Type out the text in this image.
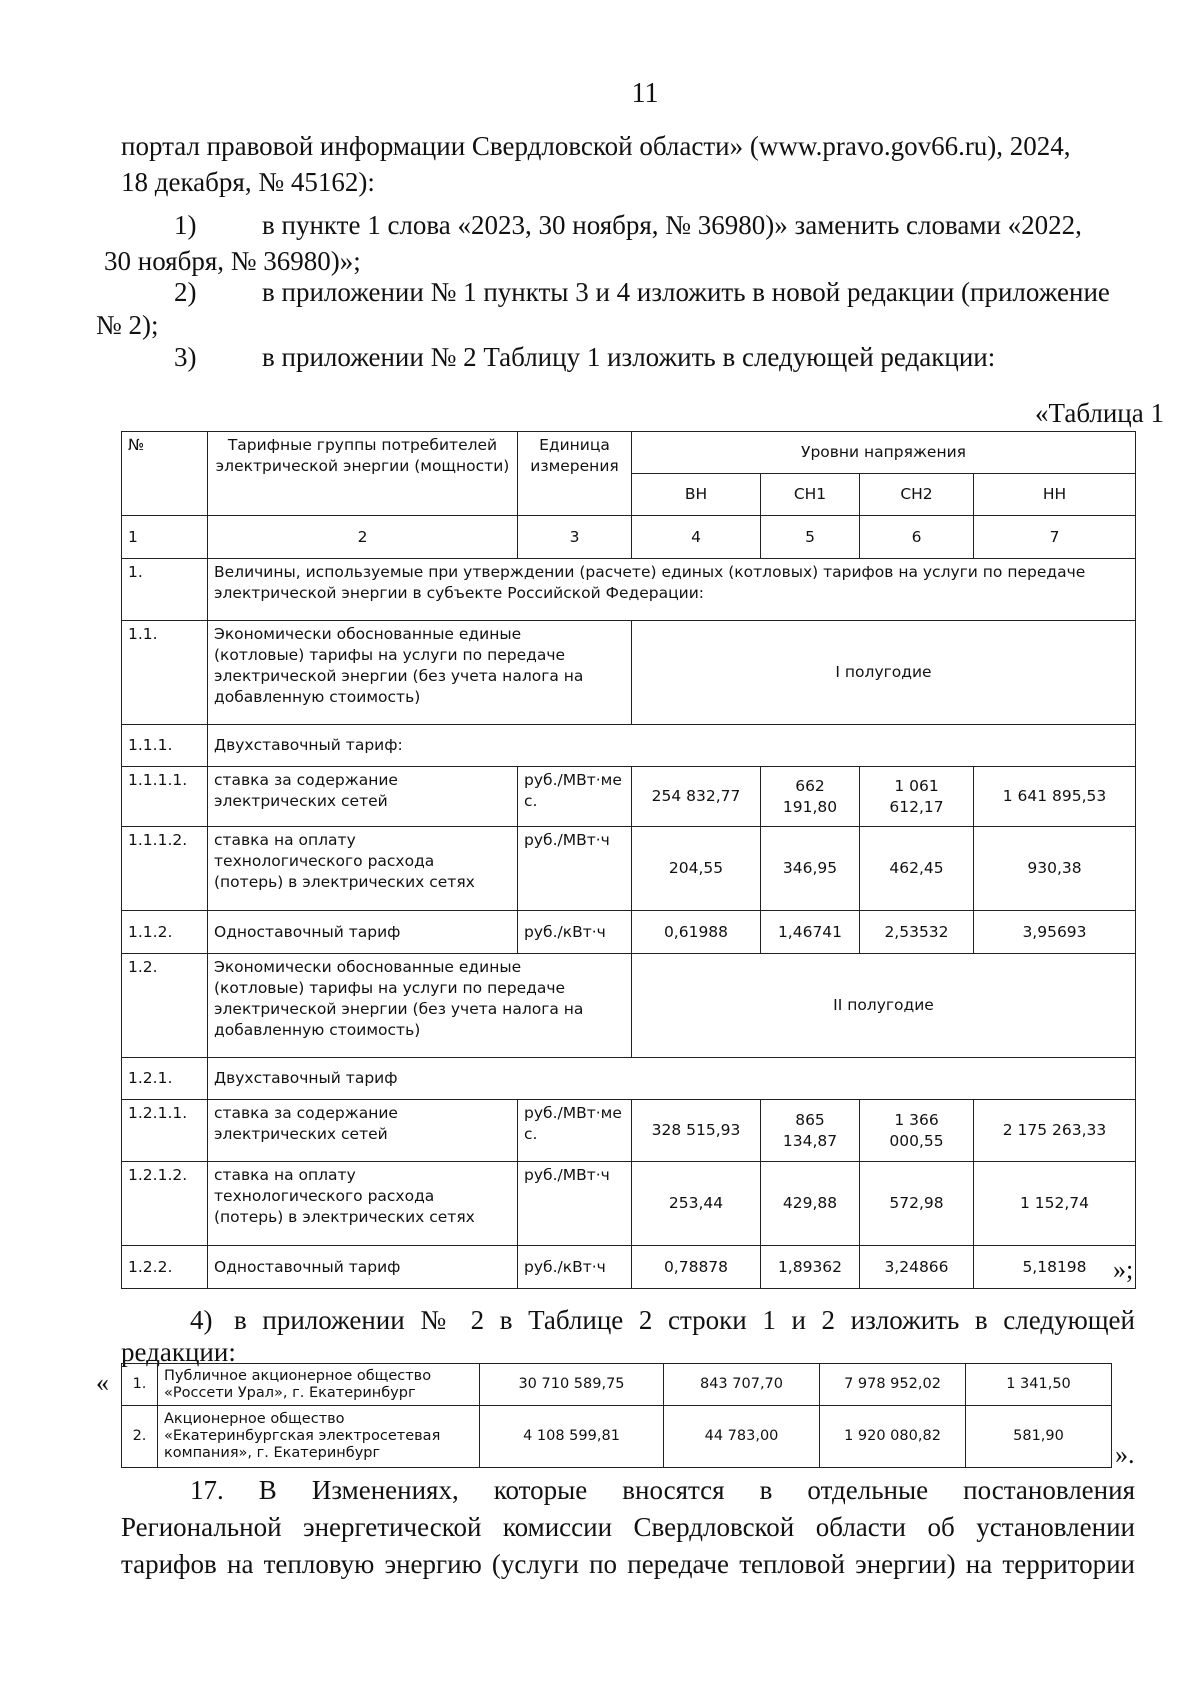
11
портал правовой информации Свердловской области» (www.pravo.gov66.ru), 2024,
18 декабря, № 45162):
1) в пункте 1 слова «2023, 30 ноября, № 36980)» заменить словами «2022,
30 ноября, № 36980)»;
2) в приложении № 1 пункты 3 и 4 изложить в новой редакции (приложение
№ 2);
3) в приложении № 2 Таблицу 1 изложить в следующей редакции:
«Таблица 1
№	Тарифные группы потребителей электрической энергии (мощности)	Единица измерения	Уровни напряжения			
			ВН	СН1	СН2	НН
1	2	3	4	5	6	7
1.	Величины, используемые при утверждении (расчете) единых (котловых) тарифов на услуги по передаче электрической энергии в субъекте Российской Федерации:					
1.1.	Экономически обоснованные единые (котловые) тарифы на услуги по передаче электрической энергии (без учета налога на добавленную стоимость)		I полугодие			
1.1.1.	Двухставочный тариф:					
1.1.1.1.	ставка за содержание электрических сетей	руб./МВт·ме с.	254 832,77	662 191,80	1 061 612,17	1 641 895,53
1.1.1.2.	ставка на оплату технологического расхода (потерь) в электрических сетях	руб./МВт·ч	204,55	346,95	462,45	930,38
1.1.2.	Одноставочный тариф	руб./кВт·ч	0,61988	1,46741	2,53532	3,95693
1.2.	Экономически обоснованные единые (котловые) тарифы на услуги по передаче электрической энергии (без учета налога на добавленную стоимость)		II полугодие			
1.2.1.	Двухставочный тариф					
1.2.1.1.	ставка за содержание электрических сетей	руб./МВт·ме с.	328 515,93	865 134,87	1 366 000,55	2 175 263,33
1.2.1.2.	ставка на оплату технологического расхода (потерь) в электрических сетях	руб./МВт·ч	253,44	429,88	572,98	1 152,74
1.2.2.	Одноставочный тариф	руб./кВт·ч	0,78878	1,89362	3,24866	5,18198 »;
4) в приложении № 2 в Таблице 2 строки 1 и 2 изложить в следующей
редакции:
« 1.	Публичное акционерное общество «Россети Урал», г. Екатеринбург	30 710 589,75	843 707,70	7 978 952,02	1 341,50
2.	Акционерное общество «Екатеринбургская электросетевая компания», г. Екатеринбург	4 108 599,81	44 783,00	1 920 080,82	581,90
».
17. В Изменениях, которые вносятся в отдельные постановления
Региональной энергетической комиссии Свердловской области об установлении
тарифов на тепловую энергию (услуги по передаче тепловой энергии) на территории
